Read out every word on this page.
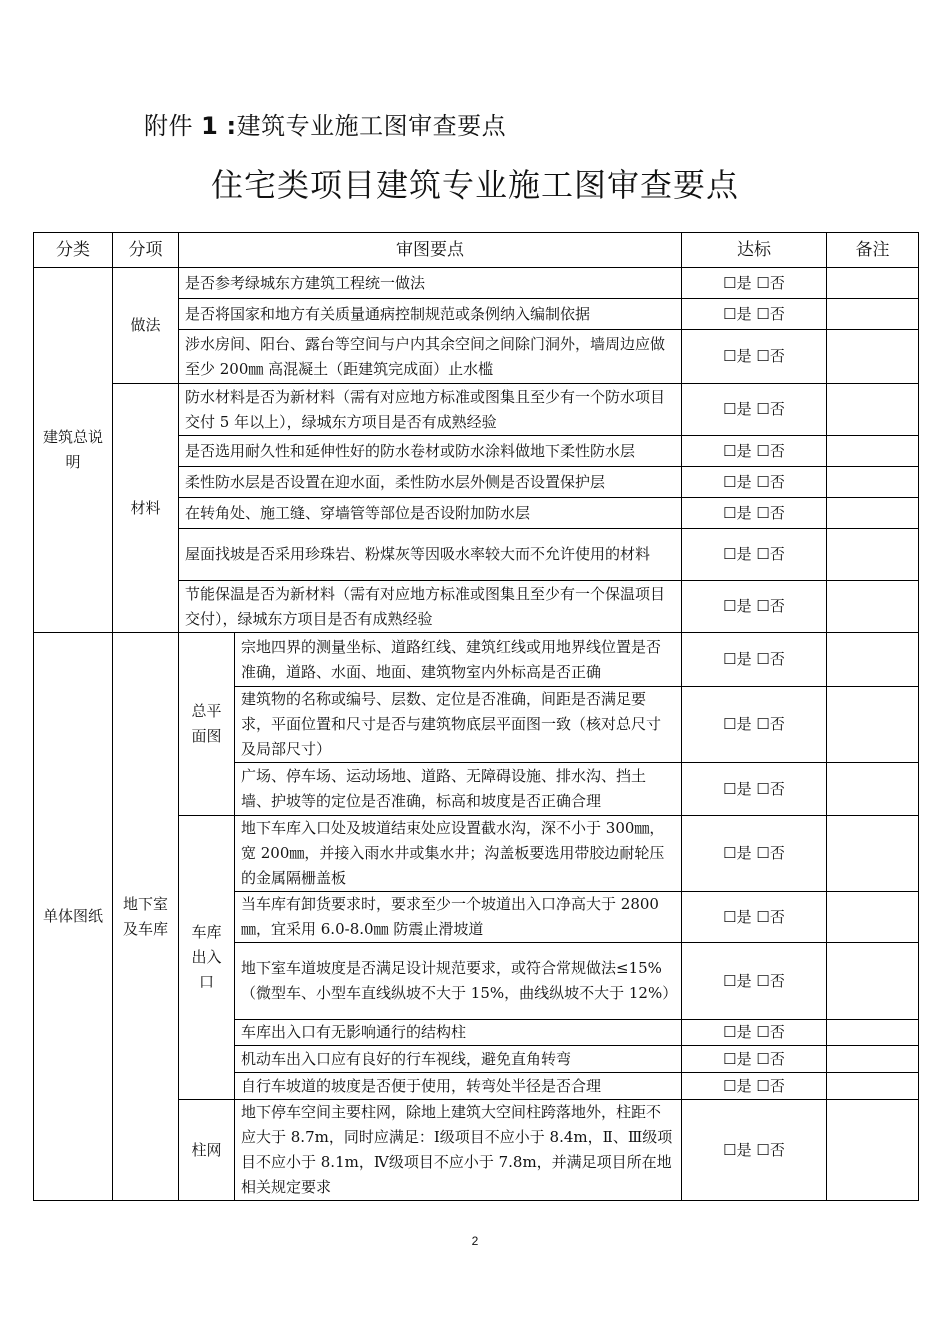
附件 1 :建筑专业施工图审查要点
住宅类项目建筑专业施工图审查要点
分类	分项	审图要点		达标	备注
建筑总说明	做法	是否参考绿城东方建筑工程统一做法		☐是 ☐否	
		是否将国家和地方有关质量通病控制规范或条例纳入编制依据		☐是 ☐否	
		涉水房间、阳台、露台等空间与户内其余空间之间除门洞外，墙周边应做至少 200㎜ 高混凝土（距建筑完成面）止水槛		☐是 ☐否	
	材料	防水材料是否为新材料（需有对应地方标准或图集且至少有一个防水项目交付 5 年以上），绿城东方项目是否有成熟经验		☐是 ☐否	
		是否选用耐久性和延伸性好的防水卷材或防水涂料做地下柔性防水层		☐是 ☐否	
		柔性防水层是否设置在迎水面，柔性防水层外侧是否设置保护层		☐是 ☐否	
		在转角处、施工缝、穿墙管等部位是否设附加防水层		☐是 ☐否	
		屋面找坡是否采用珍珠岩、粉煤灰等因吸水率较大而不允许使用的材料		☐是 ☐否	
		节能保温是否为新材料（需有对应地方标准或图集且至少有一个保温项目交付），绿城东方项目是否有成熟经验		☐是 ☐否	
单体图纸	地下室及车库	总平面图	宗地四界的测量坐标、道路红线、建筑红线或用地界线位置是否准确，道路、水面、地面、建筑物室内外标高是否正确	☐是 ☐否	
			建筑物的名称或编号、层数、定位是否准确，间距是否满足要求，平面位置和尺寸是否与建筑物底层平面图一致（核对总尺寸及局部尺寸）	☐是 ☐否	
			广场、停车场、运动场地、道路、无障碍设施、排水沟、挡土墙、护坡等的定位是否准确，标高和坡度是否正确合理	☐是 ☐否	
		车库出入口	地下车库入口处及坡道结束处应设置截水沟，深不小于 300㎜，宽 200㎜，并接入雨水井或集水井；沟盖板要选用带胶边耐轮压的金属隔栅盖板	☐是 ☐否	
			当车库有卸货要求时，要求至少一个坡道出入口净高大于 2800㎜，宜采用 6.0-8.0㎜ 防震止滑坡道	☐是 ☐否	
			地下室车道坡度是否满足设计规范要求，或符合常规做法≤15%（微型车、小型车直线纵坡不大于 15%，曲线纵坡不大于 12%）	☐是 ☐否	
			车库出入口有无影响通行的结构柱	☐是 ☐否	
			机动车出入口应有良好的行车视线，避免直角转弯	☐是 ☐否	
			自行车坡道的坡度是否便于使用，转弯处半径是否合理	☐是 ☐否	
		柱网	地下停车空间主要柱网，除地上建筑大空间柱跨落地外，柱距不应大于 8.7m，同时应满足：Ⅰ级项目不应小于 8.4m，Ⅱ、Ⅲ级项目不应小于 8.1m，Ⅳ级项目不应小于 7.8m，并满足项目所在地相关规定要求	☐是 ☐否	
2
